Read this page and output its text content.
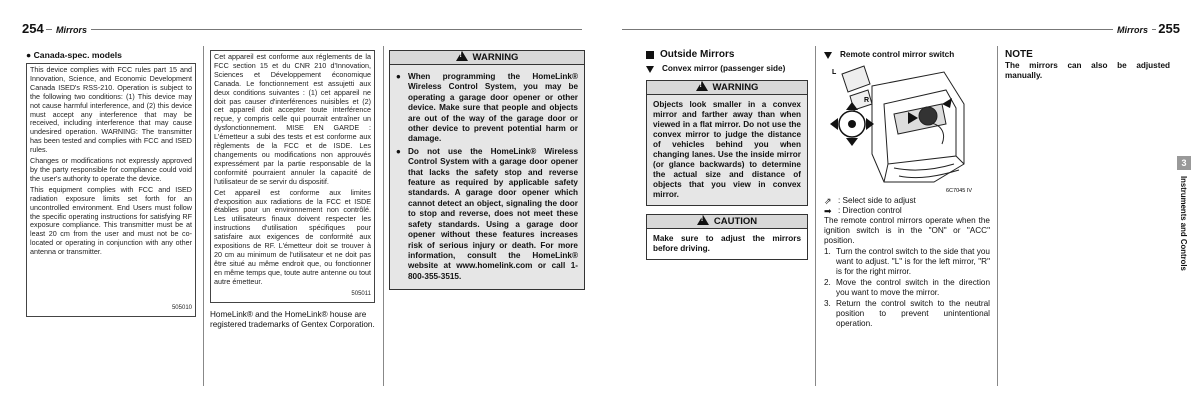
254	Mirrors	Mirrors 255
● Canada-spec. models

This device complies with FCC rules part 15 and Innovation, Science, and Economic Development Canada ISED's RSS-210. Operation is subject to the following two conditions: (1) This device may not cause harmful interference, and (2) this device must accept any interference that may be received, including interference that may cause undesired operation. WARNING: The transmitter has been tested and complies with FCC and ISED rules.

Changes or modifications not expressly approved by the party responsible for compliance could void the user's authority to operate the device.

This equipment complies with FCC and ISED radiation exposure limits set forth for an uncontrolled environment. End Users must follow the specific operating instructions for satisfying RF exposure compliance. This transmitter must be at least 20 cm from the user and must not be co-located or operating in conjunction with any other antenna or transmitter.

505010

Cet appareil est conforme aux réglements de la FCC section 15 et du CNR 210 d'Innovation, Sciences et Développement économique Canada. Le fonctionnement est assujetti aux deux conditions suivantes : (1) cet appareil ne doit pas causer d'interférences nuisibles et (2) cet appareil doit accepter toute interférence reçue, y compris celle qui pourrait entraîner un dysfonctionnement. MISE EN GARDE : L'émetteur a subi des tests et est conforme aux règlements de la FCC et de ISDE. Les changements ou modifications non approuvés expressément par la partie responsable de la conformité pourraient annuler la capacité de l'utilisateur de se servir du dispositif.

Cet appareil est conforme aux limites d'exposition aux radiations de la FCC et ISDE établies pour un environnement non contrôlé. Les utilisateurs finaux doivent respecter les instructions d'utilisation spécifiques pour satisfaire aux exigences de conformité aux expositions de RF. L'émetteur doit se trouver à 20 cm au minimum de l'utilisateur et ne doit pas être situé au même endroit que, ou fonctionner en même temps que, toute autre antenne ou tout autre émetteur.

505011
HomeLink® and the HomeLink® house are registered trademarks of Gentex Corporation.
!WARNING
● When programming the HomeLink® Wireless Control System, you may be operating a garage door opener or other device. Make sure that people and objects are out of the way of the garage door or other device to prevent potential harm or damage.
● Do not use the HomeLink® Wireless Control System with a garage door opener that lacks the safety stop and reverse feature as required by applicable safety standards. A garage door opener which cannot detect an object, signaling the door to stop and reverse, does not meet these safety standards. Using a garage door opener without these features increases risk of serious injury or death. For more information, consult the HomeLink® website at www.homelink.com or call 1-800-355-3515.
Outside Mirrors
Convex mirror (passenger side)
!WARNING
Objects look smaller in a convex mirror and farther away than when viewed in a flat mirror. Do not use the convex mirror to judge the distance of vehicles behind you when changing lanes. Use the inside mirror (or glance backwards) to determine the actual size and distance of objects that you view in convex mirror.
!CAUTION
Make sure to adjust the mirrors before driving.
Remote control mirror switch
L
R
6C7045 IV
⇗ : Select side to adjust
➡ : Direction control
The remote control mirrors operate when the ignition switch is in the "ON" or "ACC" position.
1. Turn the control switch to the side that you want to adjust. "L" is for the left mirror, "R" is for the right mirror.
2. Move the control switch in the direction you want to move the mirror.
3. Return the control switch to the neutral position to prevent unintentional operation.
NOTE
The mirrors can also be adjusted manually.
3
Instruments and Controls
